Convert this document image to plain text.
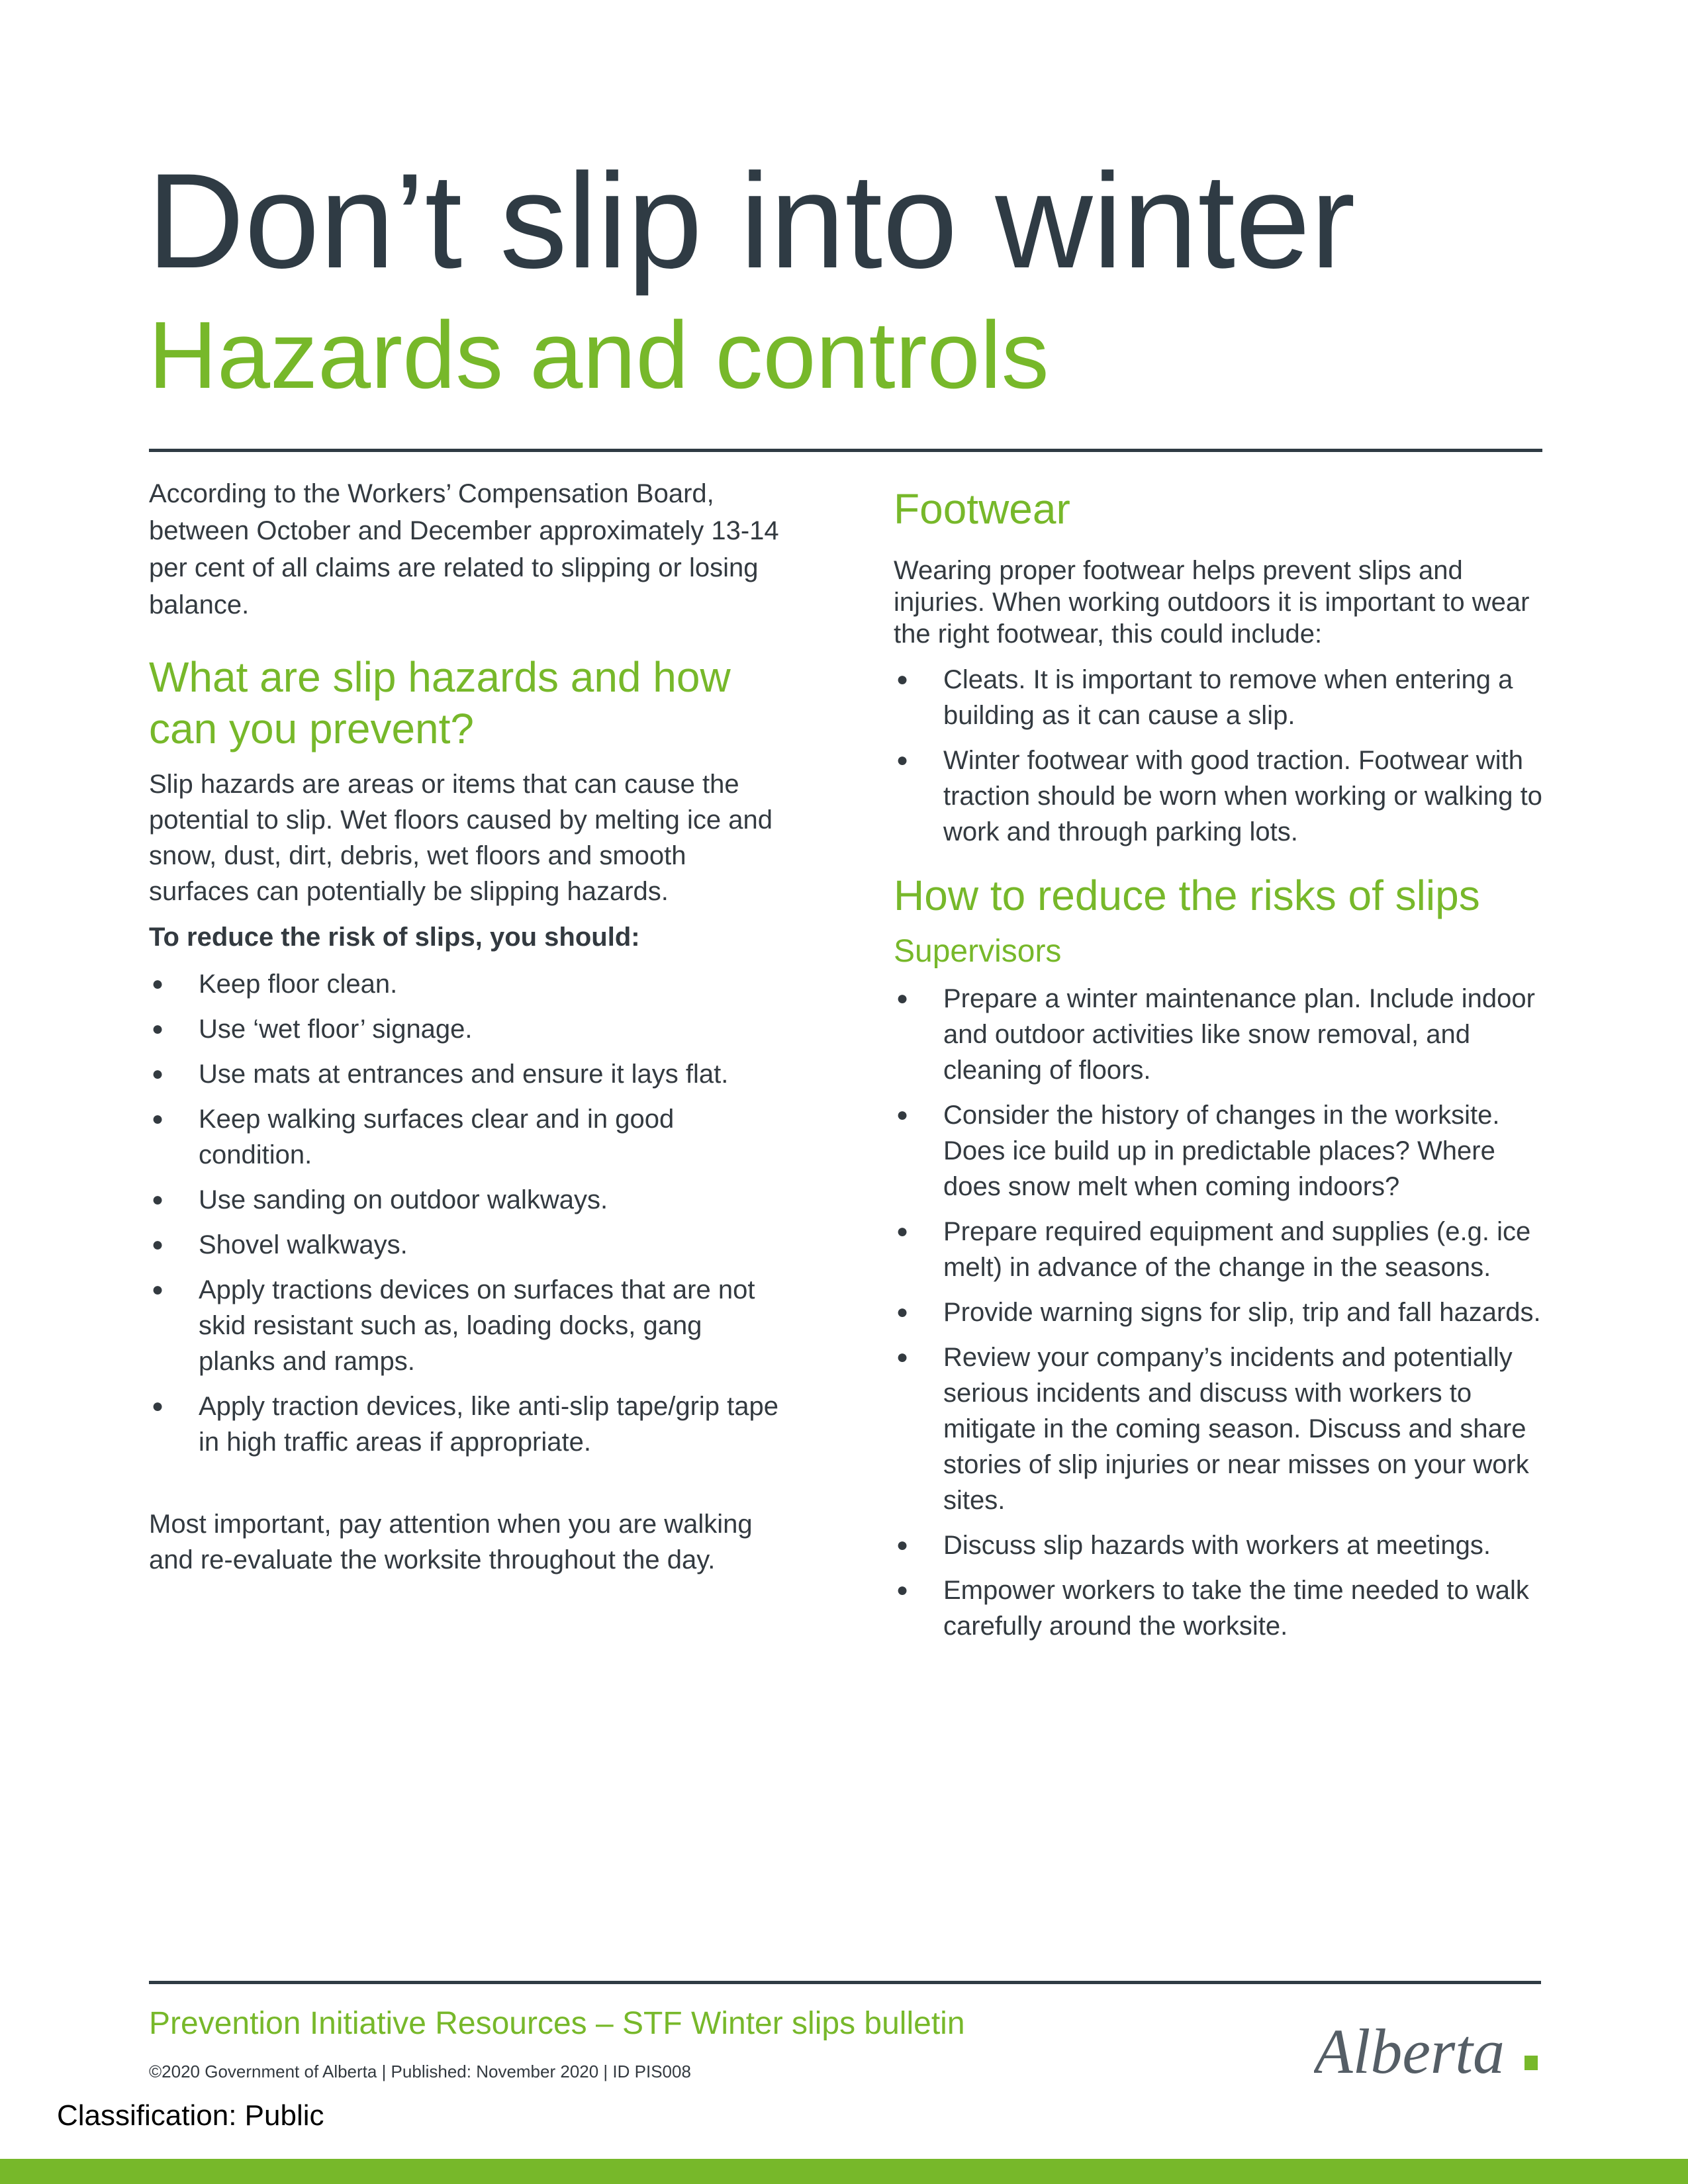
Don’t slip into winter
Hazards and controls

According to the Workers’ Compensation Board, between October and December approximately 13-14 per cent of all claims are related to slipping or losing balance.

What are slip hazards and how can you prevent?

Slip hazards are areas or items that can cause the potential to slip. Wet floors caused by melting ice and snow, dust, dirt, debris, wet floors and smooth surfaces can potentially be slipping hazards.

To reduce the risk of slips, you should:

● Keep floor clean.
● Use ‘wet floor’ signage.
● Use mats at entrances and ensure it lays flat.
● Keep walking surfaces clear and in good condition.
● Use sanding on outdoor walkways.
● Shovel walkways.
● Apply tractions devices on surfaces that are not skid resistant such as, loading docks, gang planks and ramps.
● Apply traction devices, like anti-slip tape/grip tape in high traffic areas if appropriate.

Most important, pay attention when you are walking and re-evaluate the worksite throughout the day.

Footwear

Wearing proper footwear helps prevent slips and injuries. When working outdoors it is important to wear the right footwear, this could include:

● Cleats. It is important to remove when entering a building as it can cause a slip.
● Winter footwear with good traction. Footwear with traction should be worn when working or walking to work and through parking lots.
How to reduce the risks of slips
Supervisors
● Prepare a winter maintenance plan. Include indoor and outdoor activities like snow removal, and cleaning of floors.
● Consider the history of changes in the worksite. Does ice build up in predictable places? Where does snow melt when coming indoors?
● Prepare required equipment and supplies (e.g. ice melt) in advance of the change in the seasons.
● Provide warning signs for slip, trip and fall hazards.
● Review your company’s incidents and potentially serious incidents and discuss with workers to mitigate in the coming season. Discuss and share stories of slip injuries or near misses on your work sites.
● Discuss slip hazards with workers at meetings.
● Empower workers to take the time needed to walk carefully around the worksite.

Prevention Initiative Resources – STF Winter slips bulletin

©2020 Government of Alberta | Published: November 2020 | ID PIS008	Alberta

Classification: Public
